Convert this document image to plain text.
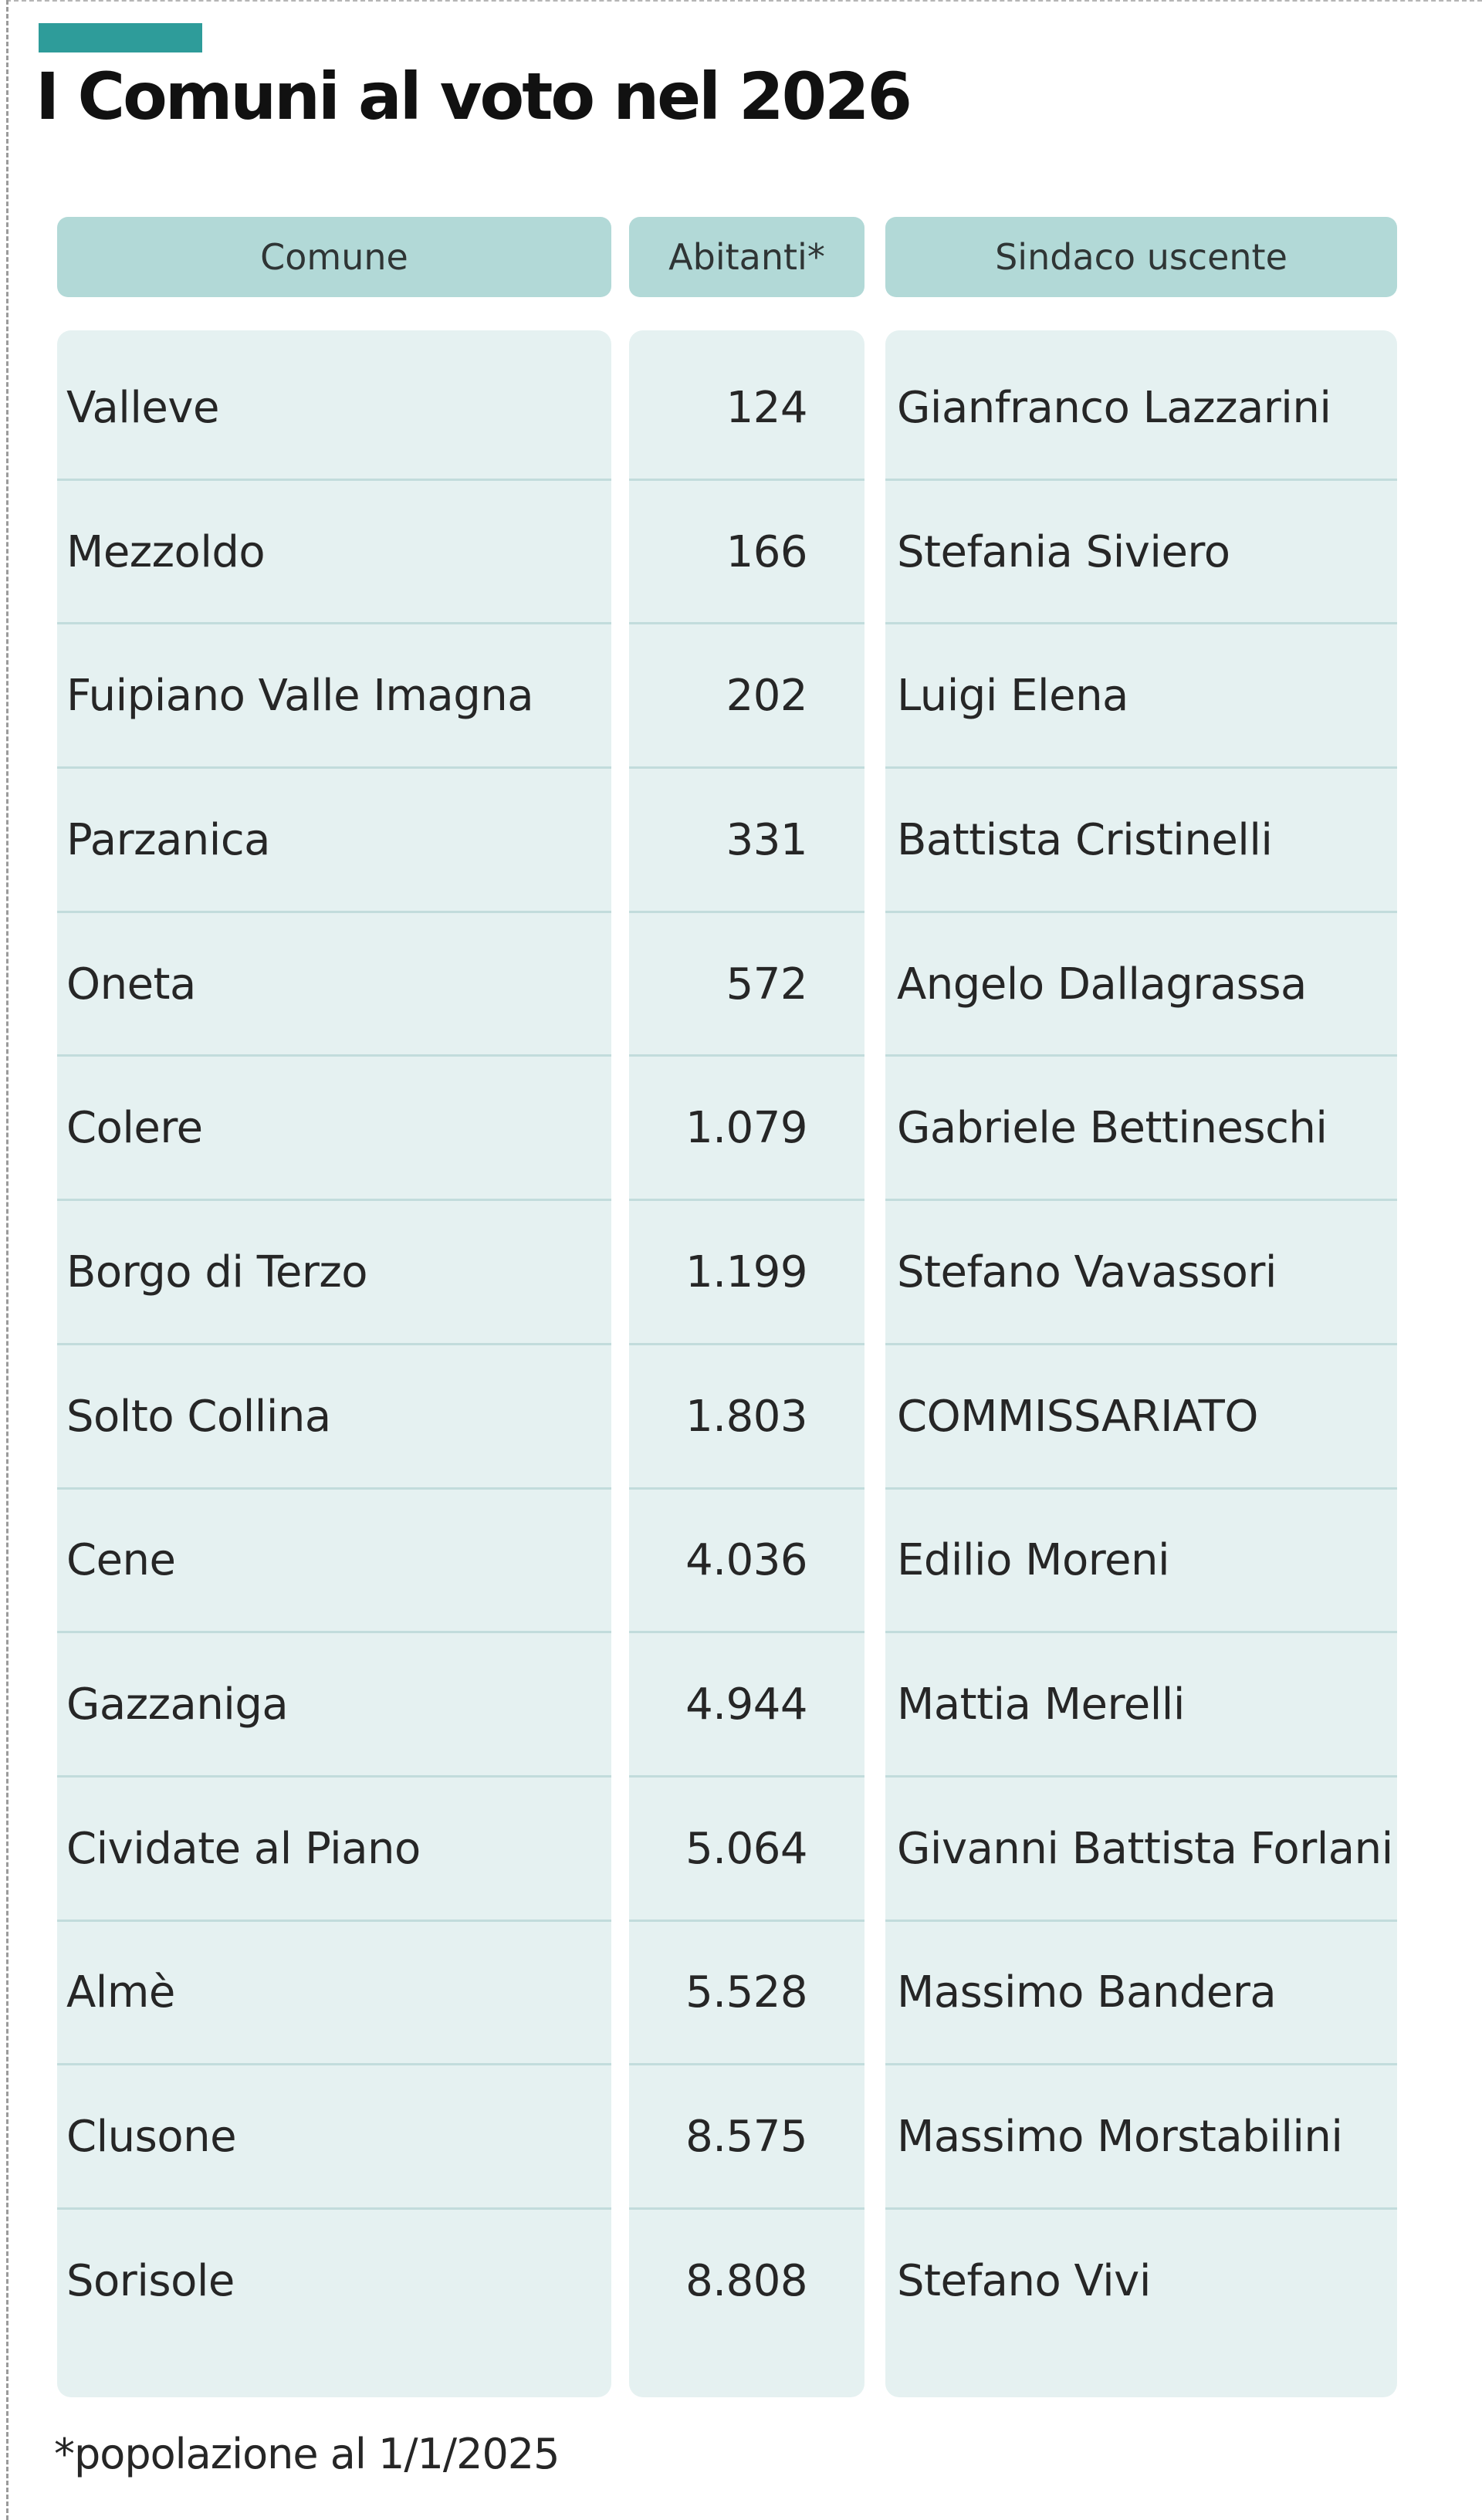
I Comuni al voto nel 2026
Comune	Abitanti*	Sindaco uscente
Valleve	124 Gianfranco Lazzarini
Mezzoldo	166 Stefania Siviero
Fuipiano Valle Imagna	202 Luigi Elena
Parzanica	331 Battista Cristinelli
Oneta	572 Angelo Dallagrassa
Colere	1.079 Gabriele Bettineschi
Borgo di Terzo	1.199 Stefano Vavassori
Solto Collina	1.803 COMMISSARIATO
Cene	4.036 Edilio Moreni
Gazzaniga	4.944 Mattia Merelli
Cividate al Piano	5.064 Givanni Battista Forlani
Almè	5.528 Massimo Bandera
Clusone	8.575 Massimo Morstabilini
Sorisole	8.808 Stefano Vivi
*popolazione al 1/1/2025
